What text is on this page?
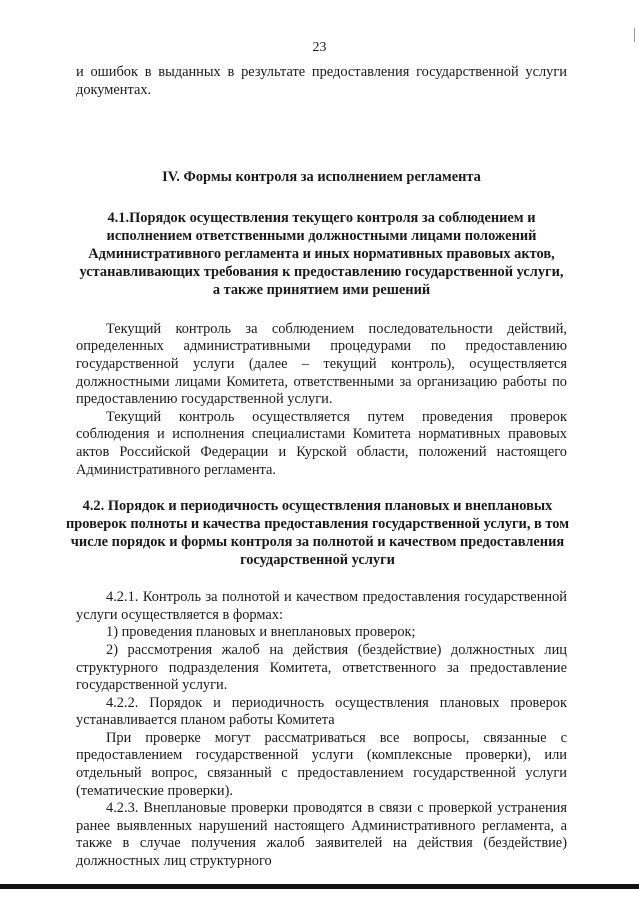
23

и ошибок в выданных в результате предоставления государственной услуги документах.

IV. Формы контроля за исполнением регламента
4.1.Порядок осуществления текущего контроля за соблюдением и исполнением ответственными должностными лицами положений Административного регламента и иных нормативных правовых актов, устанавливающих требования к предоставлению государственной услуги, а также принятием ими решений

Текущий контроль за соблюдением последовательности действий, определенных административными процедурами по предоставлению государственной услуги (далее – текущий контроль), осуществляется должностными лицами Комитета, ответственными за организацию работы по предоставлению государственной услуги.

Текущий контроль осуществляется путем проведения проверок соблюдения и исполнения специалистами Комитета нормативных правовых актов Российской Федерации и Курской области, положений настоящего Административного регламента.

4.2. Порядок и периодичность осуществления плановых и внеплановых проверок полноты и качества предоставления государственной услуги, в том числе порядок и формы контроля за полнотой и качеством предоставления государственной услуги

4.2.1. Контроль за полнотой и качеством предоставления государственной услуги осуществляется в формах:

1) проведения плановых и внеплановых проверок;

2) рассмотрения жалоб на действия (бездействие) должностных лиц структурного подразделения Комитета, ответственного за предоставление государственной услуги.

4.2.2. Порядок и периодичность осуществления плановых проверок устанавливается планом работы Комитета

При проверке могут рассматриваться все вопросы, связанные с предоставлением государственной услуги (комплексные проверки), или отдельный вопрос, связанный с предоставлением государственной услуги (тематические проверки).

4.2.3. Внеплановые проверки проводятся в связи с проверкой устранения ранее выявленных нарушений настоящего Административного регламента, а также в случае получения жалоб заявителей на действия (бездействие) должностных лиц структурного
